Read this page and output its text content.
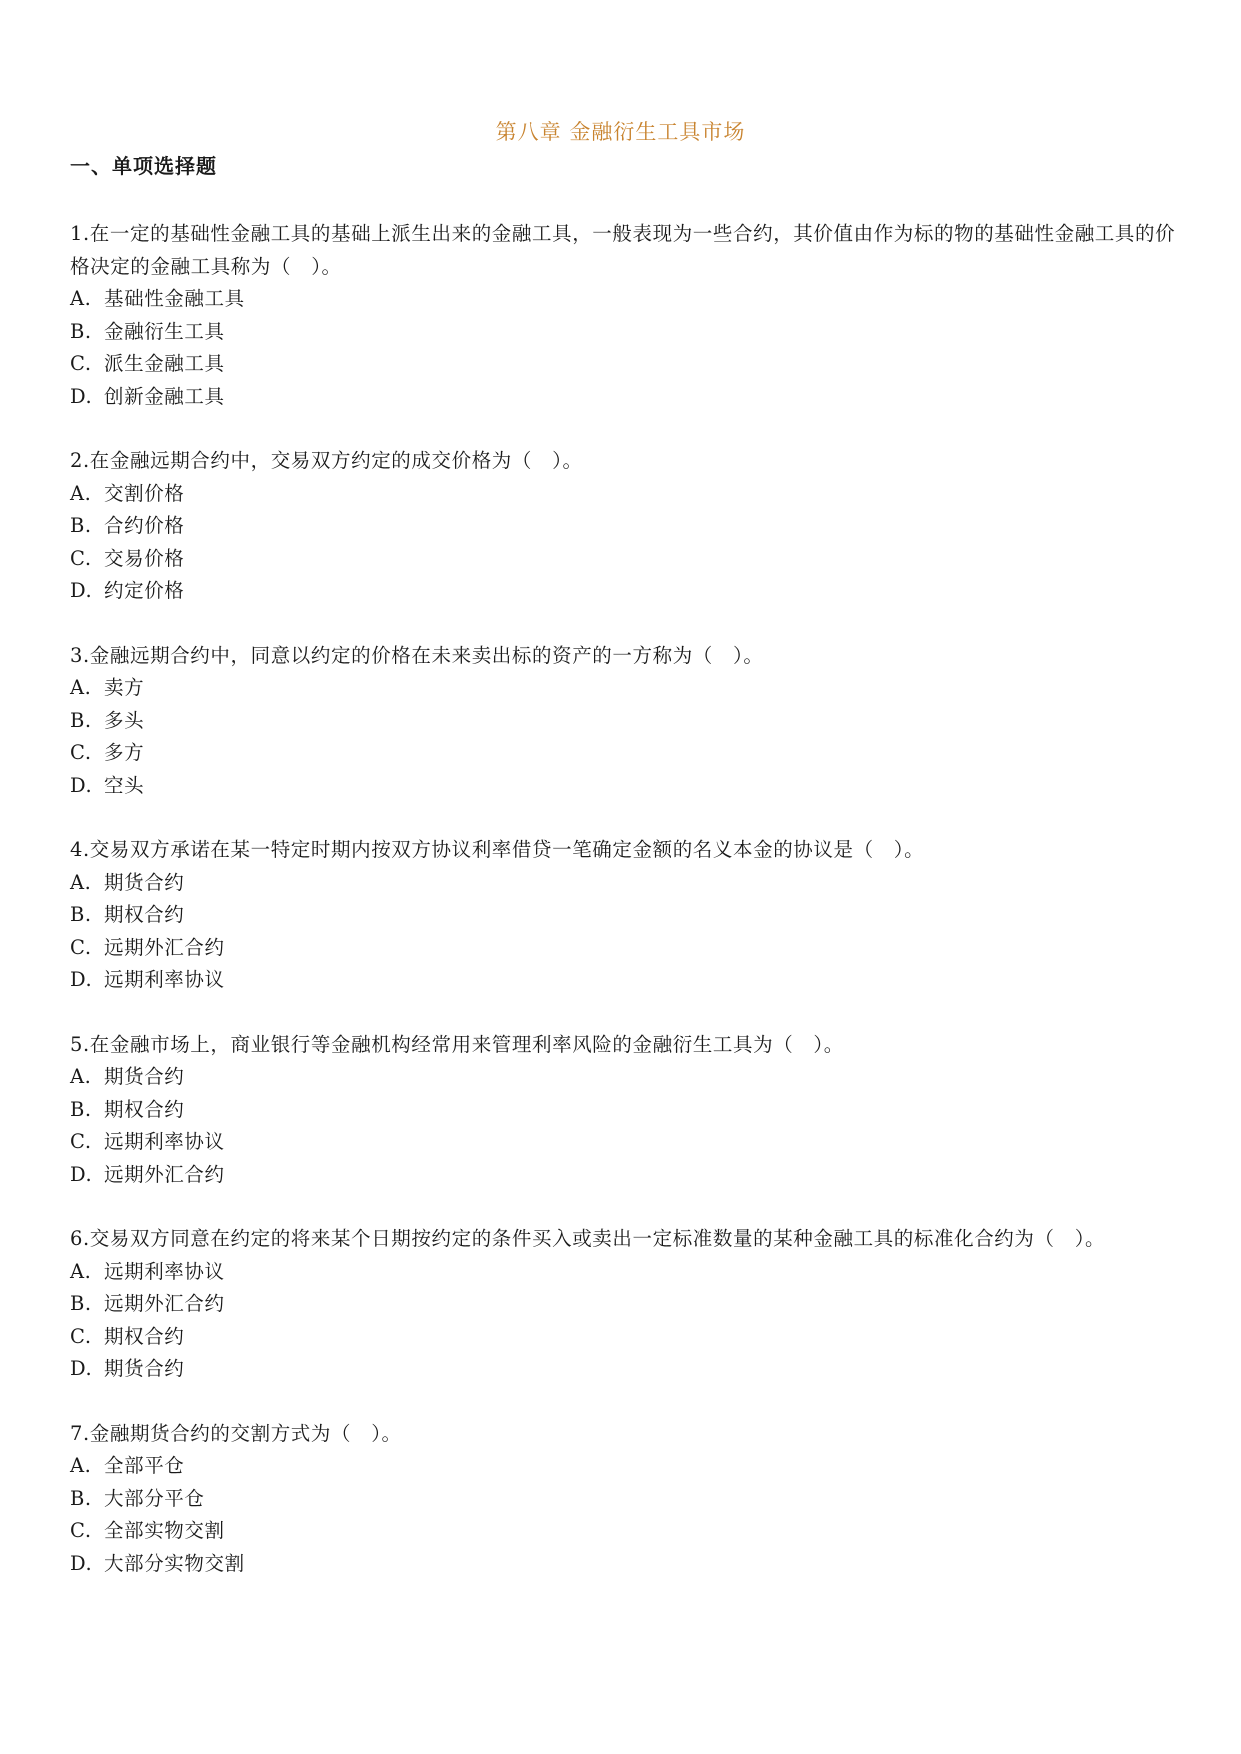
第八章 金融衍生工具市场
一、单项选择题

1.在一定的基础性金融工具的基础上派生出来的金融工具，一般表现为一些合约，其价值由作为标的物的基础性金融工具的价格决定的金融工具称为（　）。

A. 基础性金融工具
B. 金融衍生工具
C. 派生金融工具
D. 创新金融工具

2.在金融远期合约中，交易双方约定的成交价格为（　）。

A. 交割价格
B. 合约价格
C. 交易价格
D. 约定价格

3.金融远期合约中，同意以约定的价格在未来卖出标的资产的一方称为（　）。

A. 卖方
B. 多头
C. 多方
D. 空头

4.交易双方承诺在某一特定时期内按双方协议利率借贷一笔确定金额的名义本金的协议是（　）。

A. 期货合约
B. 期权合约
C. 远期外汇合约
D. 远期利率协议

5.在金融市场上，商业银行等金融机构经常用来管理利率风险的金融衍生工具为（　）。

A. 期货合约
B. 期权合约
C. 远期利率协议
D. 远期外汇合约

6.交易双方同意在约定的将来某个日期按约定的条件买入或卖出一定标准数量的某种金融工具的标准化合约为（　）。

A. 远期利率协议
B. 远期外汇合约
C. 期权合约
D. 期货合约

7.金融期货合约的交割方式为（　）。

A. 全部平仓
B. 大部分平仓
C. 全部实物交割
D. 大部分实物交割
